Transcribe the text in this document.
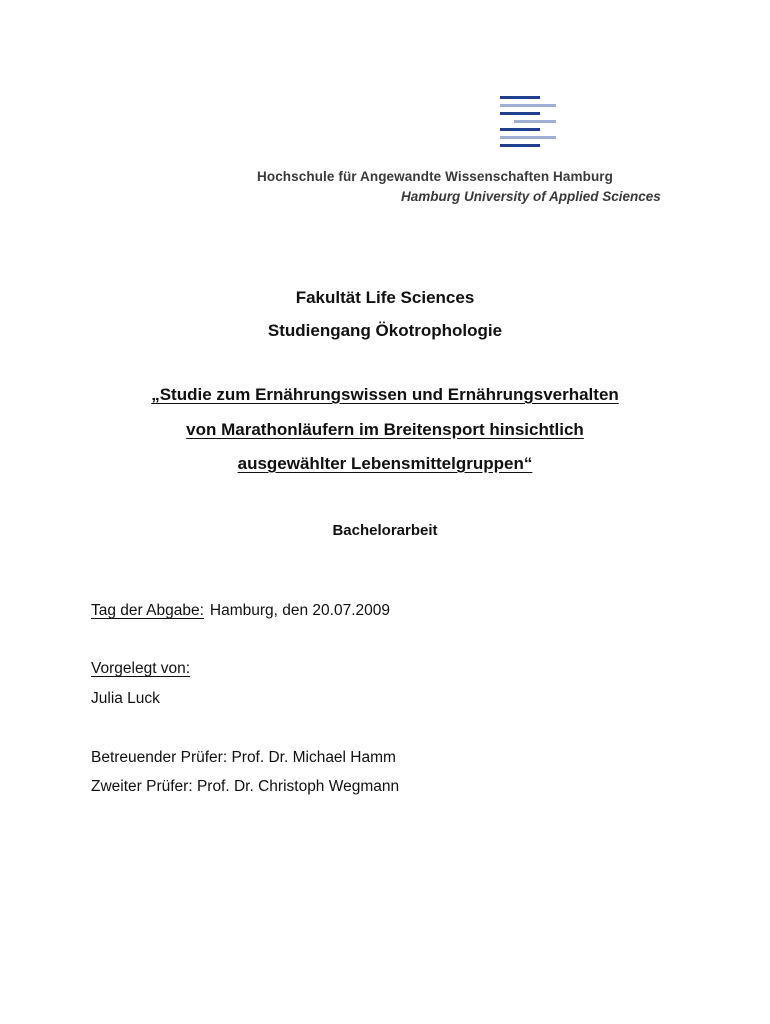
Hochschule für Angewandte Wissenschaften Hamburg
Hamburg University of Applied Sciences
Fakultät Life Sciences
Studiengang Ökotrophologie
„Studie zum Ernährungswissen und Ernährungsverhalten
von Marathonläufern im Breitensport hinsichtlich
ausgewählter Lebensmittelgruppen“
Bachelorarbeit
Tag der Abgabe: Hamburg, den 20.07.2009
Vorgelegt von:
Julia Luck
Betreuender Prüfer: Prof. Dr. Michael Hamm
Zweiter Prüfer: Prof. Dr. Christoph Wegmann
